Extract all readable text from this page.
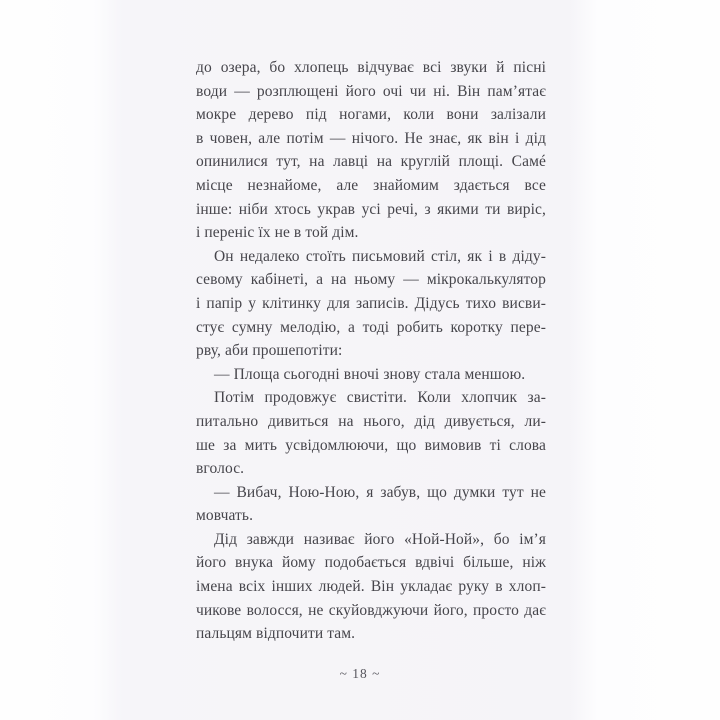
до озера, бо хлопець відчуває всі звуки й пісні
води — розплющені його очі чи ні. Він пам’ятає
мокре дерево під ногами, коли вони залізали
в човен, але потім — нічого. Не знає, як він і дід
опинилися тут, на лавці на круглій площі. Самé
місце незнайоме, але знайомим здається все
інше: ніби хтось украв усі речі, з якими ти виріс,
і переніс їх не в той дім.

Он недалеко стоїть письмовий стіл, як і в діду-
севому кабінеті, а на ньому — мікрокалькулятор
і папір у клітинку для записів. Дідусь тихо висви-
стує сумну мелодію, а тоді робить коротку пере-
рву, аби прошепотіти:

— Площа сьогодні вночі знову стала меншою.

Потім продовжує свистіти. Коли хлопчик за-
питально дивиться на нього, дід дивується, ли-
ше за мить усвідомлюючи, що вимовив ті слова
вголос.

— Вибач, Ною-Ною, я забув, що думки тут не
мовчать.

Дід завжди називає його «Ной-Ной», бо ім’я
його внука йому подобається вдвічі більше, ніж
імена всіх інших людей. Він укладає руку в хлоп-
чикове волосся, не скуйовджуючи його, просто дає
пальцям відпочити там.

~ 18 ~
